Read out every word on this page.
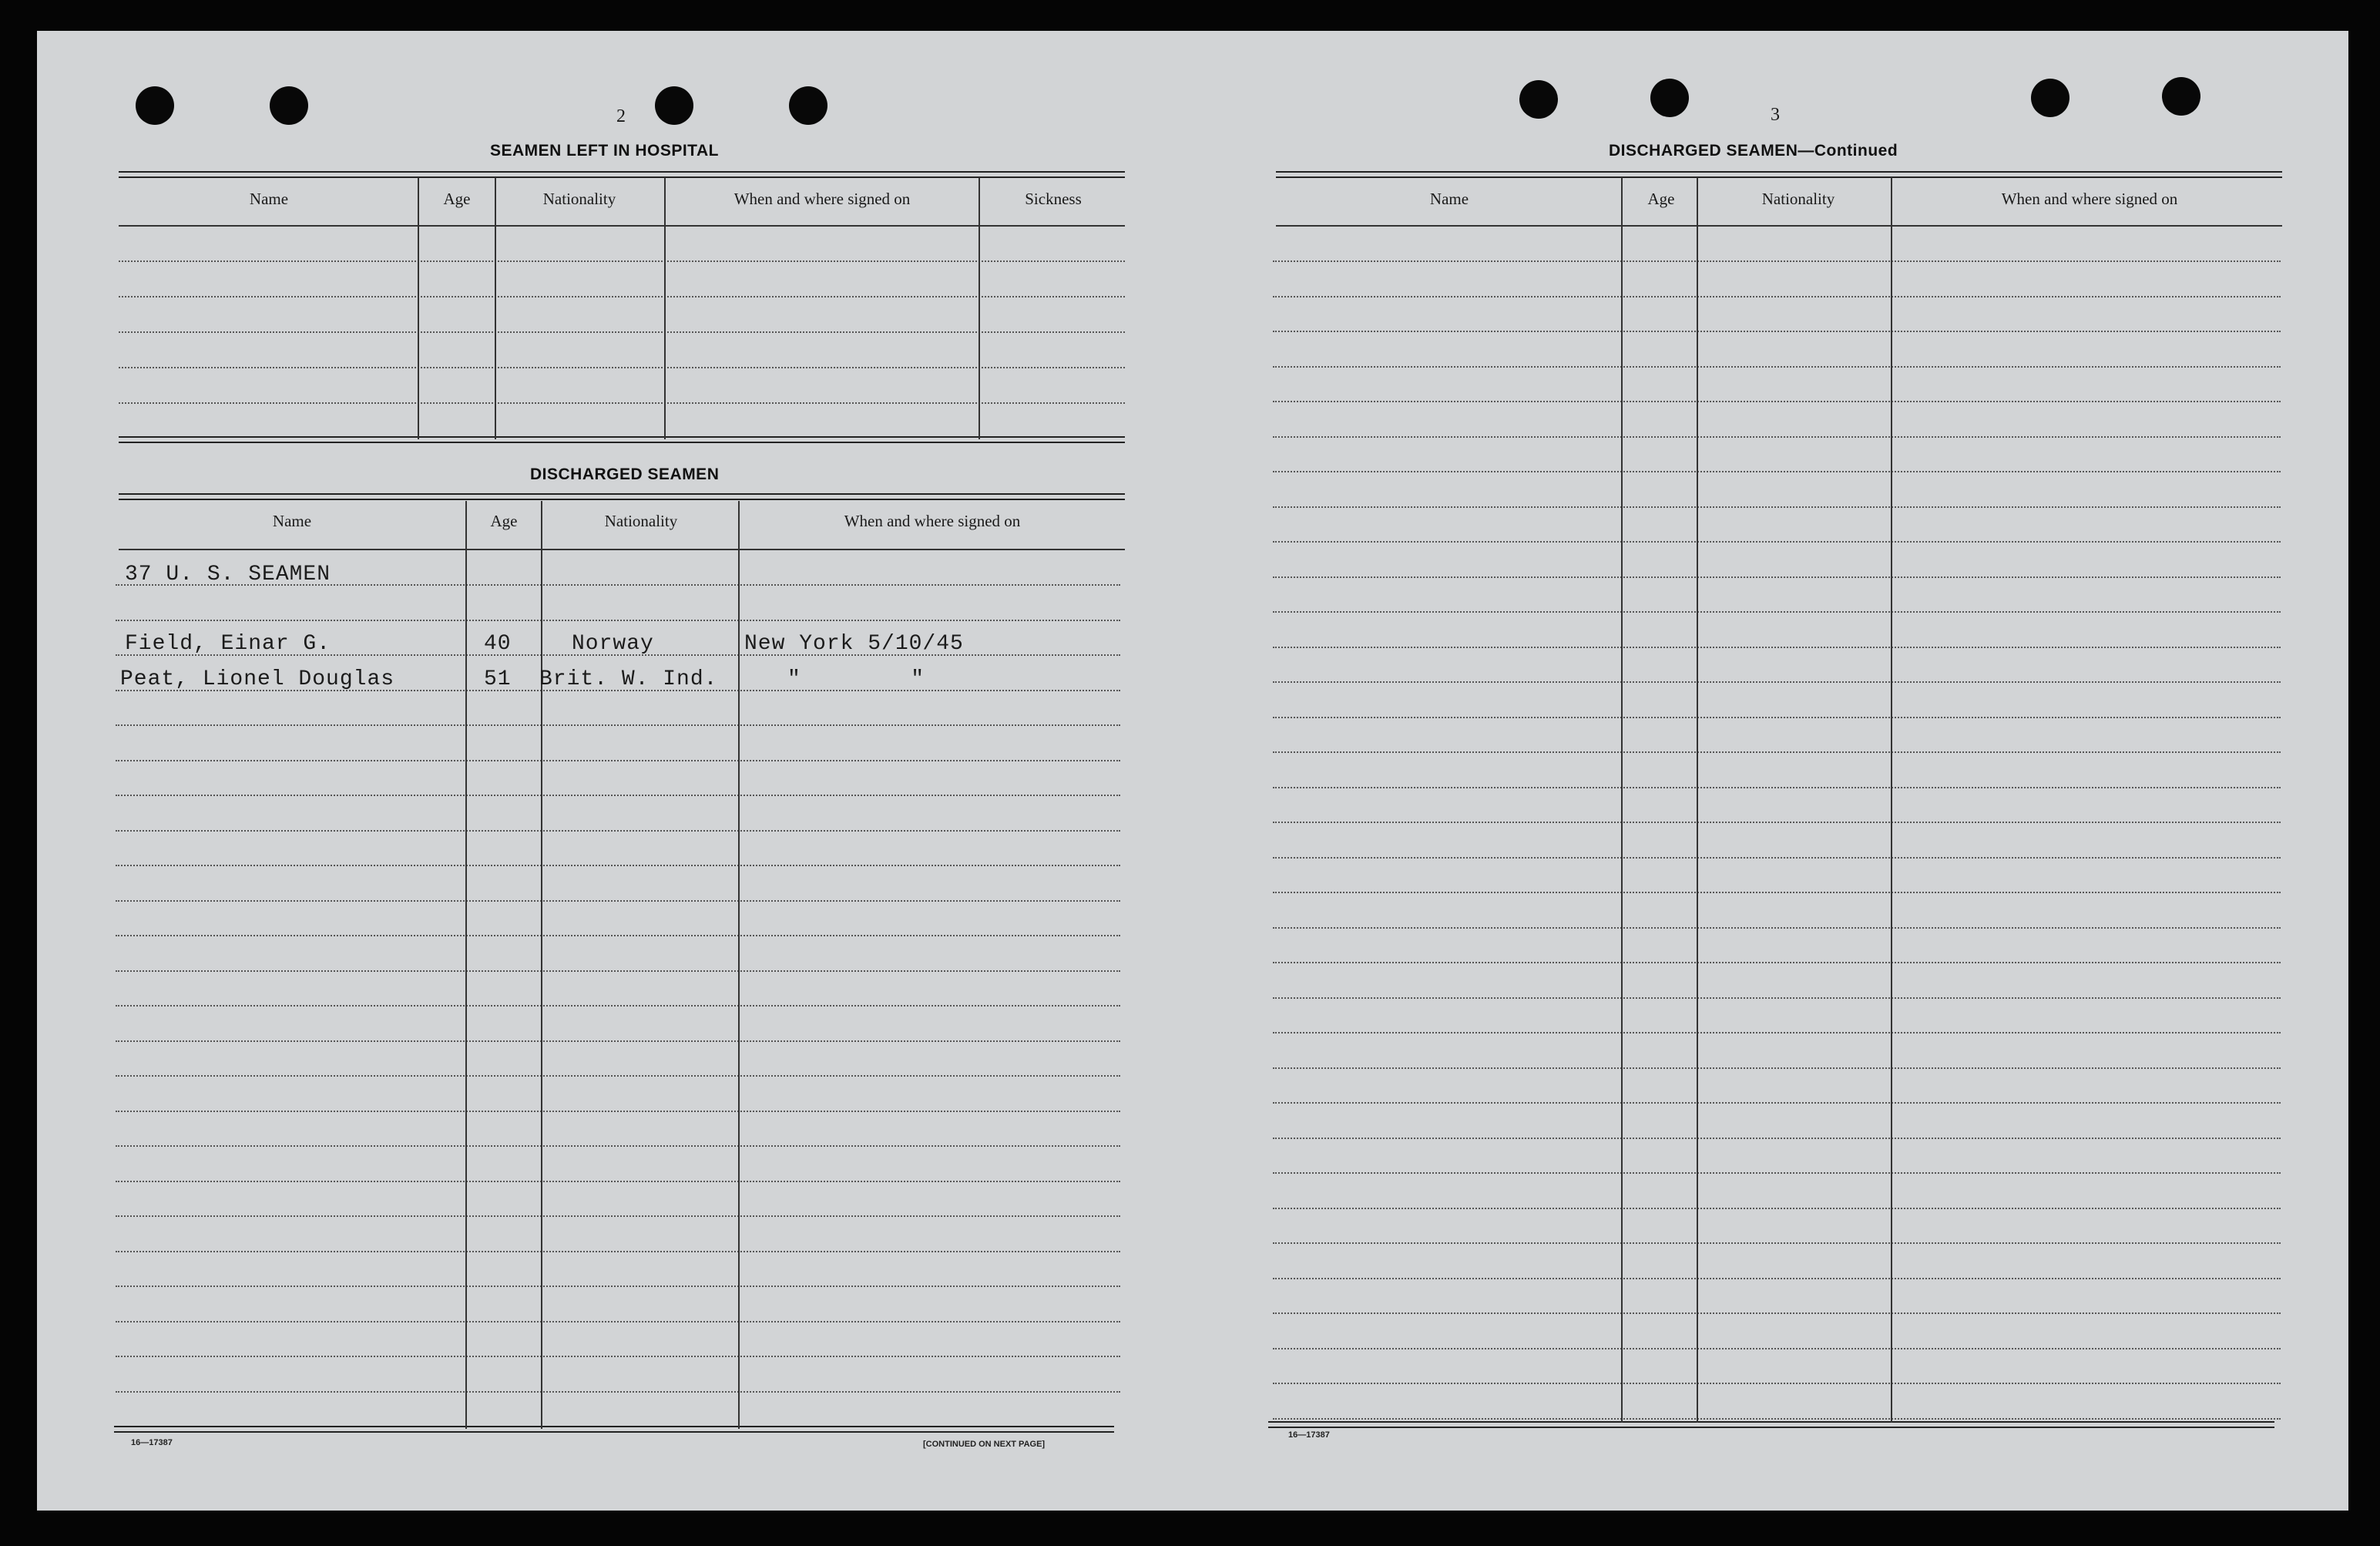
2
SEAMEN LEFT IN HOSPITAL
Name	Age	Nationality	When and where signed on	Sickness
DISCHARGED SEAMEN
Name	Age	Nationality	When and where signed on
37 U. S. SEAMEN
Field, Einar G.	40	Norway	New York 5/10/45
Peat, Lionel Douglas	51 Brit. W. Ind.	"        "
16—17387	[CONTINUED ON NEXT PAGE]
3
DISCHARGED SEAMEN—Continued
Name	Age	Nationality	When and where signed on
16—17387
